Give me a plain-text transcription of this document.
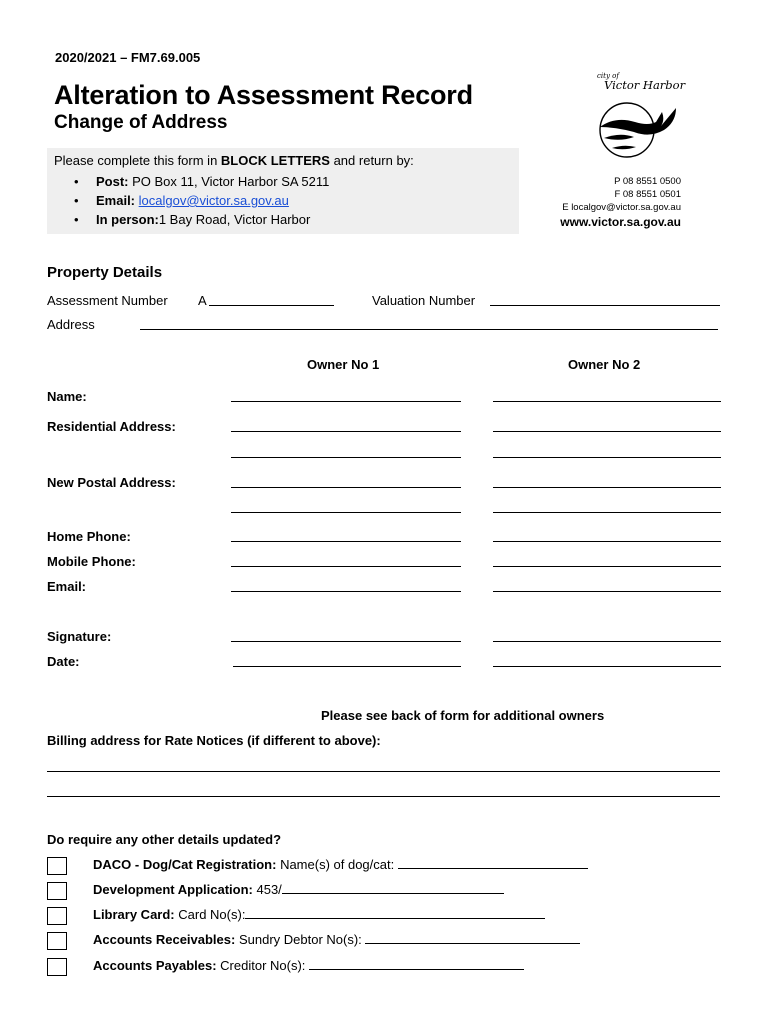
2020/2021 – FM7.69.005
Alteration to Assessment Record
Change of Address
Please complete this form in BLOCK LETTERS and return by:
• Post: PO Box 11, Victor Harbor SA 5211
• Email: localgov@victor.sa.gov.au
• In person:1 Bay Road, Victor Harbor
city of
Victor Harbor
P 08 8551 0500
F 08 8551 0501
E localgov@victor.sa.gov.au
www.victor.sa.gov.au
Property Details
Assessment Number A	Valuation Number
Address
Owner No 1	Owner No 2
Name:
Residential Address:
New Postal Address:
Home Phone:
Mobile Phone:
Email:
Signature:
Date:
Please see back of form for additional owners
Billing address for Rate Notices (if different to above):
Do require any other details updated?
DACO - Dog/Cat Registration: Name(s) of dog/cat:
Development Application: 453/
Library Card: Card No(s):
Accounts Receivables: Sundry Debtor No(s):
Accounts Payables: Creditor No(s):
